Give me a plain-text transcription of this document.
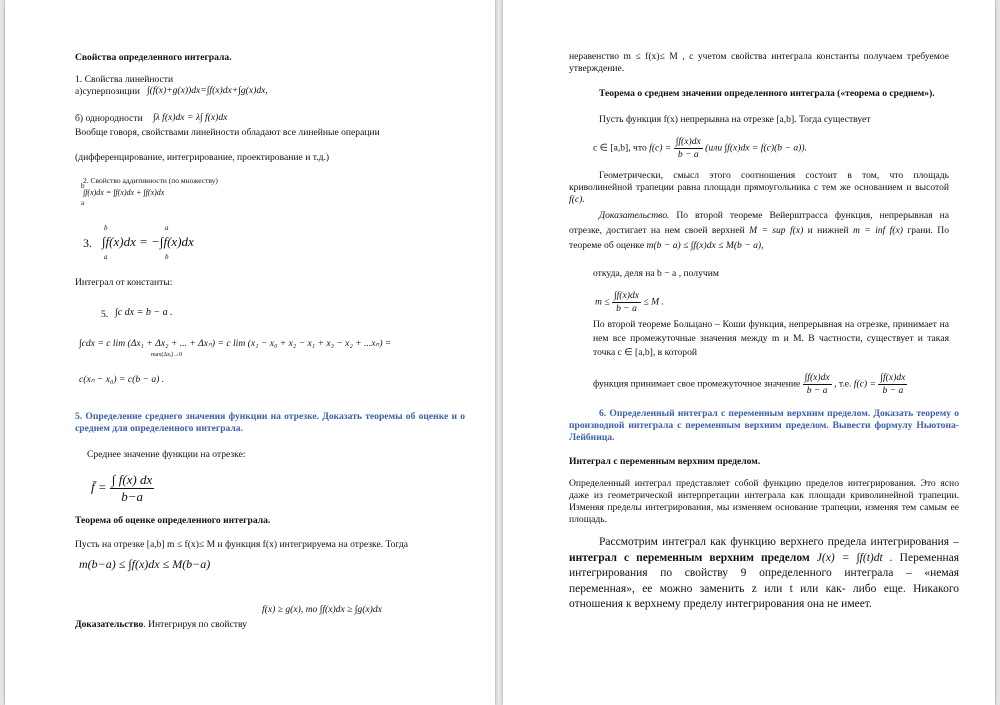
Свойства определенного интеграла.
1. Свойства линейности
а)суперпозиции ∫(f(x)+g(x))dx=∫f(x)dx+∫g(x)dx,
б) однородности ∫λ f(x)dx = λ∫ f(x)dx
Вообще говоря, свойствами линейности обладают все линейные операции
(дифференцирование, интегрирование, проектирование и т.д.)
2. Свойство аддитивности (по множеству)
∫f(x)dx = ∫f(x)dx + ∫f(x)dx
b
a
3. ∫f(x)dx = −∫f(x)dx
b
a
a
b
Интеграл от константы:
5. ∫c dx = b − a .
∫cdx = c lim (Δx₁ + Δx₂ + ... + Δxₙ) = c lim (x₁ − x₀ + x₂ − x₁ + x₃ − x₂ + ...xₙ) =
max(Δxᵢ)→0
c(xₙ − x₀) = c(b − a) .
5. Определение среднего значения функции на отрезке. Доказать теоремы об оценке и о среднем для определенного интеграла.
Среднее значение функции на отрезке:
f̄ = $\frac{\int f(x) dx}{b-a}$
Теорема об оценке определенного интеграла.
Пусть на отрезке [a,b] m ≤ f(x)≤ M и функция f(x) интегрируема на отрезке. Тогда
m(b−a) ≤ ∫f(x)dx ≤ M(b−a)
f(x) ≥ g(x), то ∫f(x)dx ≥ ∫g(x)dx
Доказательство. Интегрируя по свойству
неравенство m ≤ f(x)≤ M , с учетом свойства интеграла константы получаем требуемое утверждение.
Теорема о среднем значении определенного интеграла («теорема о среднем»).
Пусть функция f(x) непрерывна на отрезке [a,b]. Тогда существует
c ∈ [a,b], что $f(c) = \frac{\int f(x)dx}{b - a} (или$ ∫f(x)dx = f(c)(b − a)).
Геометрически, смысл этого соотношения состоит в том, что площадь криволинейной трапеции равна площади прямоугольника с тем же основанием и высотой f(c).
Доказательство. По второй теореме Вейерштрасса функция, непрерывная на отрезке, достигает на нем своей верхней M = sup f(x) и нижней m = inf f(x) грани. По теореме об оценке m(b − a) ≤ ∫f(x)dx ≤ M(b − a),
откуда, деля на b − a , получим
$m \le \frac{\int f(x)dx}{b - a} \le M$ .
По второй теореме Больцано – Коши функция, непрерывная на отрезке, принимает на нем все промежуточные значения между m и M. В частности, существует и такая точка c ∈ [a,b], в которой
функция принимает свое промежуточное значение $\frac{\int f(x)dx}{b - a}$ , т.е. $f(c) = \frac{\int f(x)dx}{b - a}$
6. Определенный интеграл с переменным верхним пределом. Доказать теорему о производной интеграла с переменным верхним пределом. Вывести формулу Ньютона-Лейбница.
Интеграл с переменным верхним пределом.
Определенный интеграл представляет собой функцию пределов интегрирования. Это ясно даже из геометрической интерпретации интеграла как площади криволинейной трапеции. Изменяя пределы интегрирования, мы изменяем основание трапеции, изменяя тем самым ее площадь.
Рассмотрим интеграл как функцию верхнего предела интегрирования – интеграл с переменным верхним пределом J(x) = ∫f(t)dt . Переменная интегрирования по свойству 9 определенного интеграла – «немая переменная», ее можно заменить z или t или как- либо еще. Никакого отношения к верхнему пределу интегрирования она не имеет.
